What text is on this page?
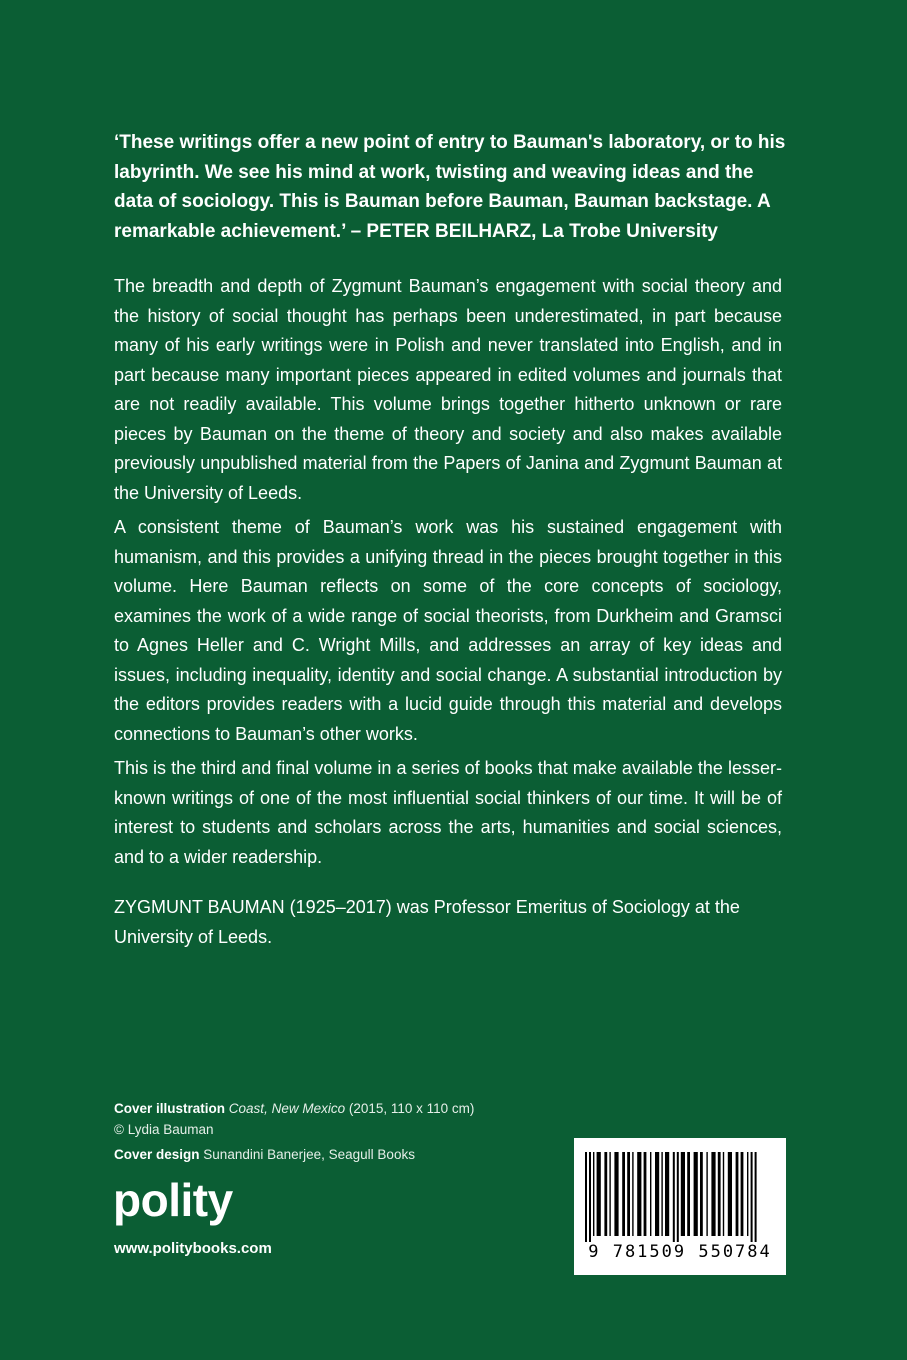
‘These writings offer a new point of entry to Bauman's laboratory, or to his labyrinth. We see his mind at work, twisting and weaving ideas and the data of sociology. This is Bauman before Bauman, Bauman backstage. A remarkable achievement.’ – PETER BEILHARZ, La Trobe University

The breadth and depth of Zygmunt Bauman’s engagement with social theory and the history of social thought has perhaps been underestimated, in part because many of his early writings were in Polish and never translated into English, and in part because many important pieces appeared in edited volumes and journals that are not readily available. This volume brings together hitherto unknown or rare pieces by Bauman on the theme of theory and society and also makes available previously unpublished material from the Papers of Janina and Zygmunt Bauman at the University of Leeds.

A consistent theme of Bauman’s work was his sustained engagement with humanism, and this provides a unifying thread in the pieces brought together in this volume. Here Bauman reflects on some of the core concepts of sociology, examines the work of a wide range of social theorists, from Durkheim and Gramsci to Agnes Heller and C. Wright Mills, and addresses an array of key ideas and issues, including inequality, identity and social change. A substantial introduction by the editors provides readers with a lucid guide through this material and develops connections to Bauman’s other works.

This is the third and final volume in a series of books that make available the lesser-known writings of one of the most influential social thinkers of our time. It will be of interest to students and scholars across the arts, humanities and social sciences, and to a wider readership.

ZYGMUNT BAUMAN (1925–2017) was Professor Emeritus of Sociology at the University of Leeds.

Cover illustration Coast, New Mexico (2015, 110 x 110 cm)
© Lydia Bauman
Cover design Sunandini Banerjee, Seagull Books
polity
www.politybooks.com	9 781509 550784
